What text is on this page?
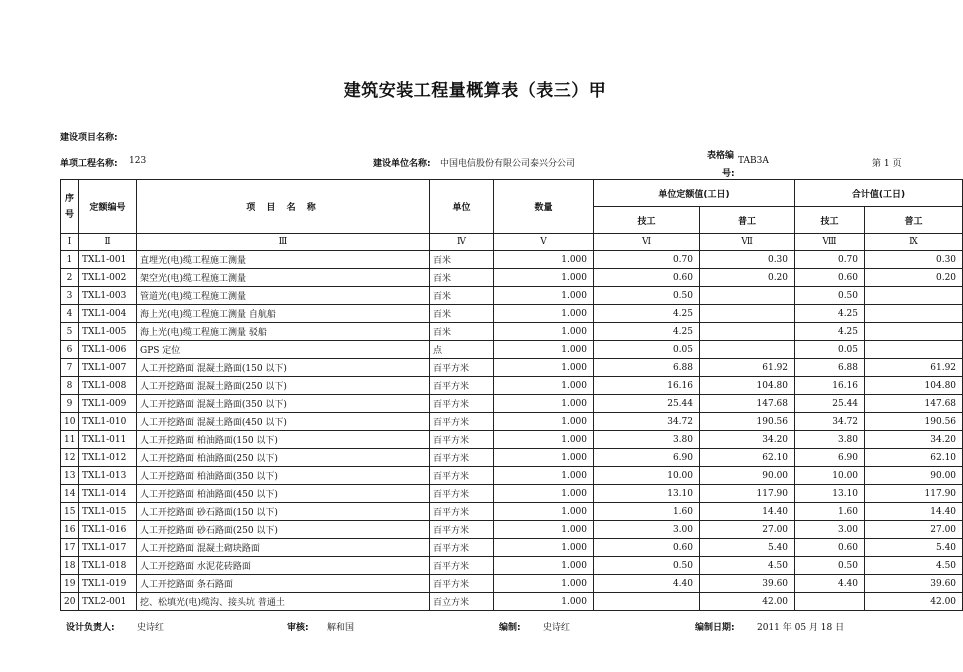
建筑安装工程量概算表（表三）甲
建设项目名称:
单项工程名称: 123	建设单位名称: 中国电信股份有限公司泰兴分公司
表格编
号:
TAB3A	第 1 页
序号	定额编号	项 目 名 称	单位	数量	单位定额值(工日)		合计值(工日)	
					技工	普工	技工	普工
Ⅰ	Ⅱ	Ⅲ	Ⅳ	Ⅴ	Ⅵ	Ⅶ	Ⅷ	Ⅸ
1	TXL1-001	直埋光(电)缆工程施工测量	百米	1.000	0.70	0.30	0.70	0.30
2	TXL1-002	架空光(电)缆工程施工测量	百米	1.000	0.60	0.20	0.60	0.20
3	TXL1-003	管道光(电)缆工程施工测量	百米	1.000	0.50		0.50	
4	TXL1-004	海上光(电)缆工程施工测量 自航船	百米	1.000	4.25		4.25	
5	TXL1-005	海上光(电)缆工程施工测量 驳船	百米	1.000	4.25		4.25	
6	TXL1-006	GPS 定位	点	1.000	0.05		0.05	
7	TXL1-007	人工开挖路面 混凝土路面(150 以下)	百平方米	1.000	6.88	61.92	6.88	61.92
8	TXL1-008	人工开挖路面 混凝土路面(250 以下)	百平方米	1.000	16.16	104.80	16.16	104.80
9	TXL1-009	人工开挖路面 混凝土路面(350 以下)	百平方米	1.000	25.44	147.68	25.44	147.68
10	TXL1-010	人工开挖路面 混凝土路面(450 以下)	百平方米	1.000	34.72	190.56	34.72	190.56
11	TXL1-011	人工开挖路面 柏油路面(150 以下)	百平方米	1.000	3.80	34.20	3.80	34.20
12	TXL1-012	人工开挖路面 柏油路面(250 以下)	百平方米	1.000	6.90	62.10	6.90	62.10
13	TXL1-013	人工开挖路面 柏油路面(350 以下)	百平方米	1.000	10.00	90.00	10.00	90.00
14	TXL1-014	人工开挖路面 柏油路面(450 以下)	百平方米	1.000	13.10	117.90	13.10	117.90
15	TXL1-015	人工开挖路面 砂石路面(150 以下)	百平方米	1.000	1.60	14.40	1.60	14.40
16	TXL1-016	人工开挖路面 砂石路面(250 以下)	百平方米	1.000	3.00	27.00	3.00	27.00
17	TXL1-017	人工开挖路面 混凝土砌块路面	百平方米	1.000	0.60	5.40	0.60	5.40
18	TXL1-018	人工开挖路面 水泥花砖路面	百平方米	1.000	0.50	4.50	0.50	4.50
19	TXL1-019	人工开挖路面 条石路面	百平方米	1.000	4.40	39.60	4.40	39.60
20	TXL2-001	挖、松填光(电)缆沟、接头坑 普通土	百立方米	1.000		42.00		42.00
设计负责人: 史诗红	审核: 解和国	编制: 史诗红	编制日期: 2011 年 05 月 18 日
